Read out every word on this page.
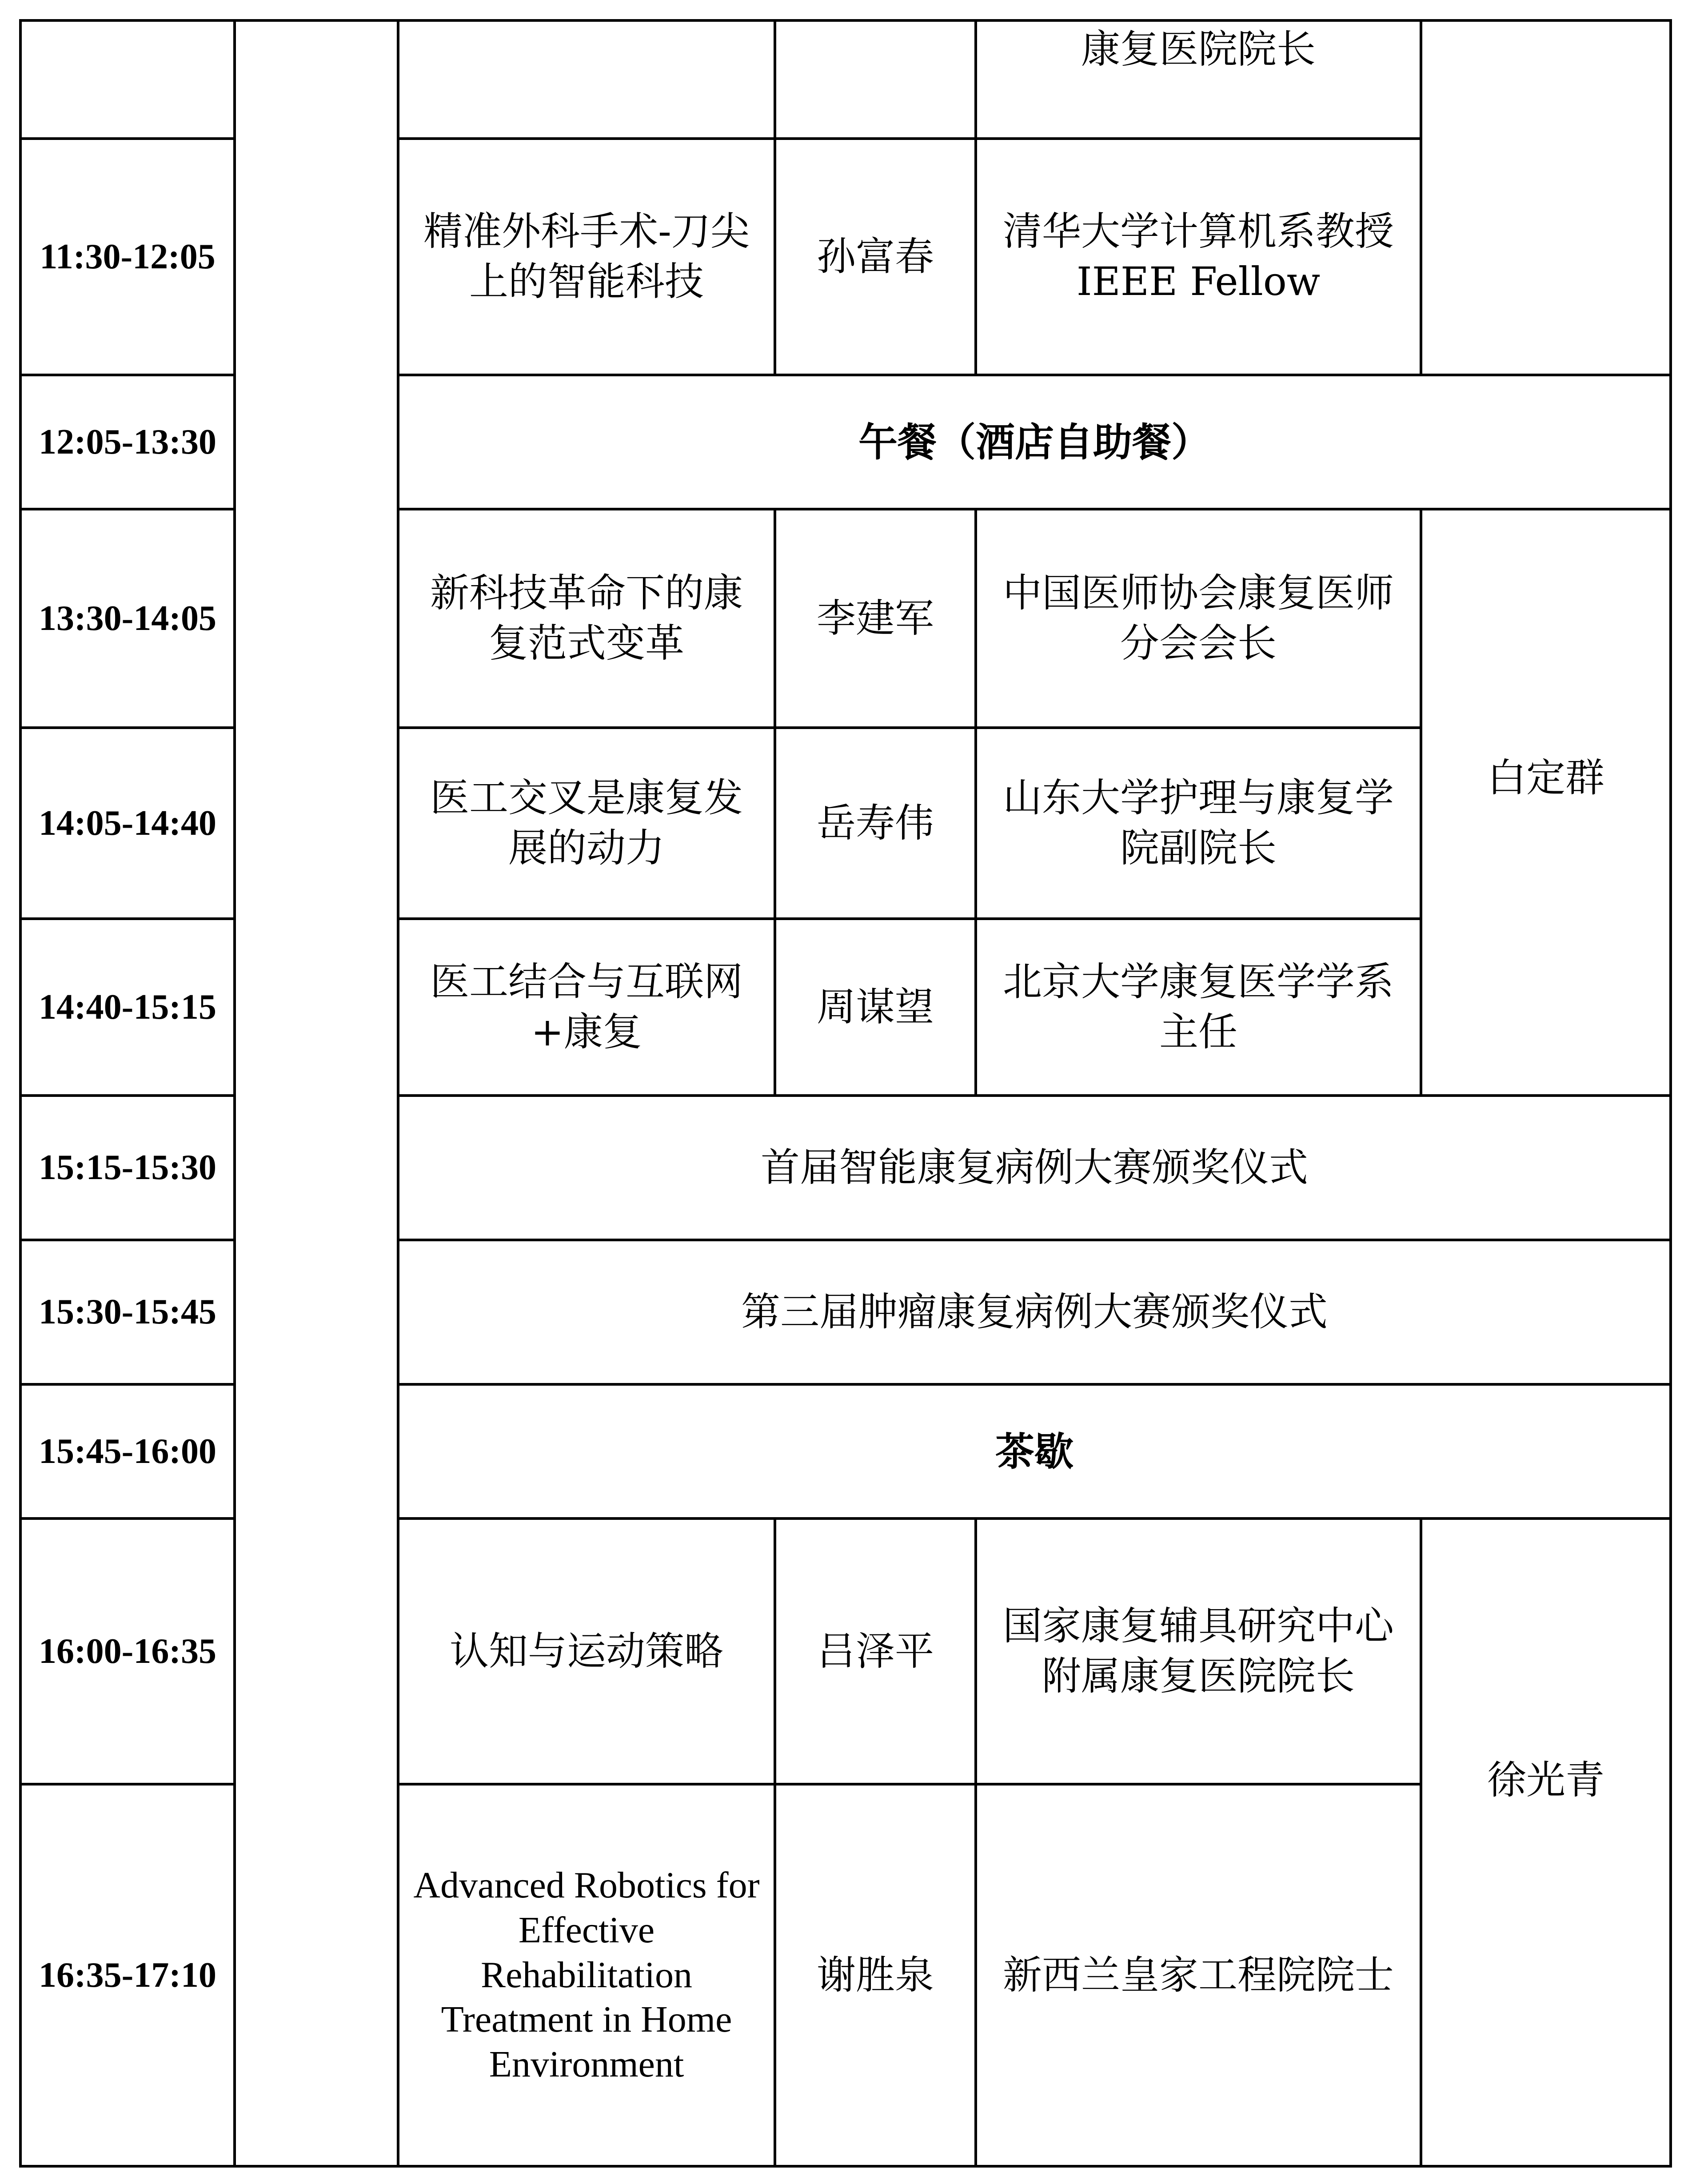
				康复医院院长	
11:30-12:05		精准外科手术-刀尖上的智能科技	孙富春	清华大学计算机系教授 IEEE Fellow	
12:05-13:30		午餐（酒店自助餐）			
13:30-14:05		新科技革命下的康复范式变革	李建军	中国医师协会康复医师分会会长	白定群
14:05-14:40		医工交叉是康复发展的动力	岳寿伟	山东大学护理与康复学院副院长	
14:40-15:15		医工结合与互联网+康复	周谋望	北京大学康复医学学系主任	
15:15-15:30		首届智能康复病例大赛颁奖仪式			
15:30-15:45		第三届肿瘤康复病例大赛颁奖仪式			
15:45-16:00		茶歇			
16:00-16:35		认知与运动策略	吕泽平	国家康复辅具研究中心附属康复医院院长	徐光青
16:35-17:10		Advanced Robotics for Effective Rehabilitation Treatment in Home Environment	谢胜泉	新西兰皇家工程院院士	
